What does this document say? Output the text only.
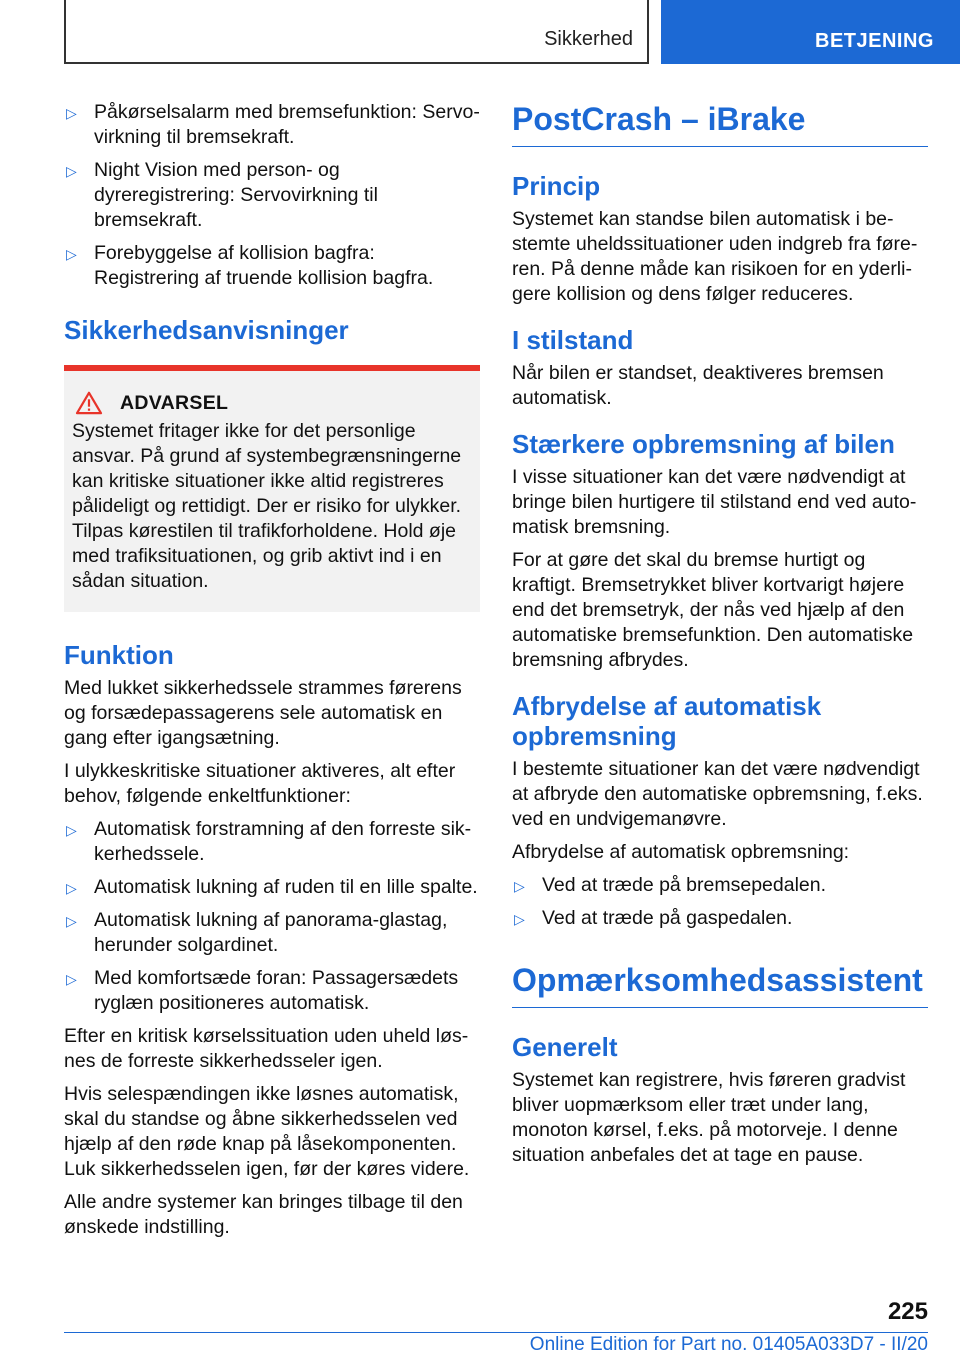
Sikkerhed	BETJENING
▷ Påkørselsalarm med bremsefunktion: Servovirkning til bremsekraft.
▷ Night Vision med person- og dyreregistrering: Servovirkning til bremsekraft.
▷ Forebyggelse af kollision bagfra: Registrering af truende kollision bagfra.
Sikkerhedsanvisninger
ADVARSEL

Systemet fritager ikke for det personlige ansvar. På grund af systembegrænsningerne kan kritiske situationer ikke altid registreres pålideligt og rettidigt. Der er risiko for ulykker. Tilpas kørestilen til trafikforholdene. Hold øje med trafiksituationen, og grib aktivt ind i en sådan situation.

Funktion

Med lukket sikkerhedssele strammes førerens og forsædepassagerens sele automatisk en gang efter igangsætning.

I ulykkeskritiske situationer aktiveres, alt efter behov, følgende enkeltfunktioner:

▷ Automatisk forstramning af den forreste sikkerhedssele.
▷ Automatisk lukning af ruden til en lille spalte.
▷ Automatisk lukning af panorama-glastag, herunder solgardinet.
▷ Med komfortsæde foran: Passagersædets ryglæn positioneres automatisk.

Efter en kritisk kørselssituation uden uheld løsnes de forreste sikkerhedsseler igen.

Hvis selespændingen ikke løsnes automatisk, skal du standse og åbne sikkerhedsselen ved hjælp af den røde knap på låsekomponenten. Luk sikkerhedsselen igen, før der køres videre.

Alle andre systemer kan bringes tilbage til den ønskede indstilling.

PostCrash – iBrake
Princip

Systemet kan standse bilen automatisk i bestemte uheldssituationer uden indgreb fra føreren. På denne måde kan risikoen for en yderligere kollision og dens følger reduceres.

I stilstand

Når bilen er standset, deaktiveres bremsen automatisk.

Stærkere opbremsning af bilen

I visse situationer kan det være nødvendigt at bringe bilen hurtigere til stilstand end ved automatisk bremsning.

For at gøre det skal du bremse hurtigt og kraftigt. Bremsetrykket bliver kortvarigt højere end det bremsetryk, der nås ved hjælp af den automatiske bremsefunktion. Den automatiske bremsning afbrydes.

Afbrydelse af automatisk opbremsning

I bestemte situationer kan det være nødvendigt at afbryde den automatiske opbremsning, f.eks. ved en undvigemanøvre.

Afbrydelse af automatisk opbremsning:

▷ Ved at træde på bremsepedalen.
▷ Ved at træde på gaspedalen.
Opmærksomhedsassistent
Generelt

Systemet kan registrere, hvis føreren gradvist bliver uopmærksom eller træt under lang, monoton kørsel, f.eks. på motorveje. I denne situation anbefales det at tage en pause.

225
Online Edition for Part no. 01405A033D7 - II/20
